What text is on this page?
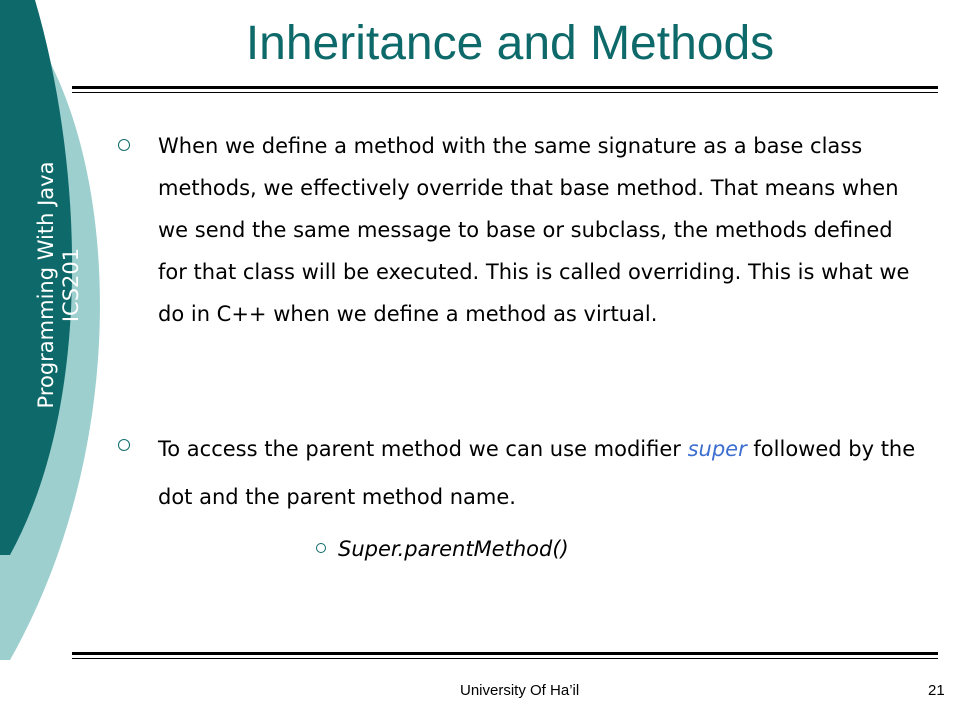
Programming With Java ICS201
Inheritance and Methods
When we define a method with the same signature as a base class methods, we effectively override that base method. That means when we send the same message to base or subclass, the methods defined for that class will be executed. This is called overriding. This is what we do in C++ when we define a method as virtual.
To access the parent method we can use modifier super followed by the dot and the parent method name.
Super.parentMethod()
University Of Ha’il	21
